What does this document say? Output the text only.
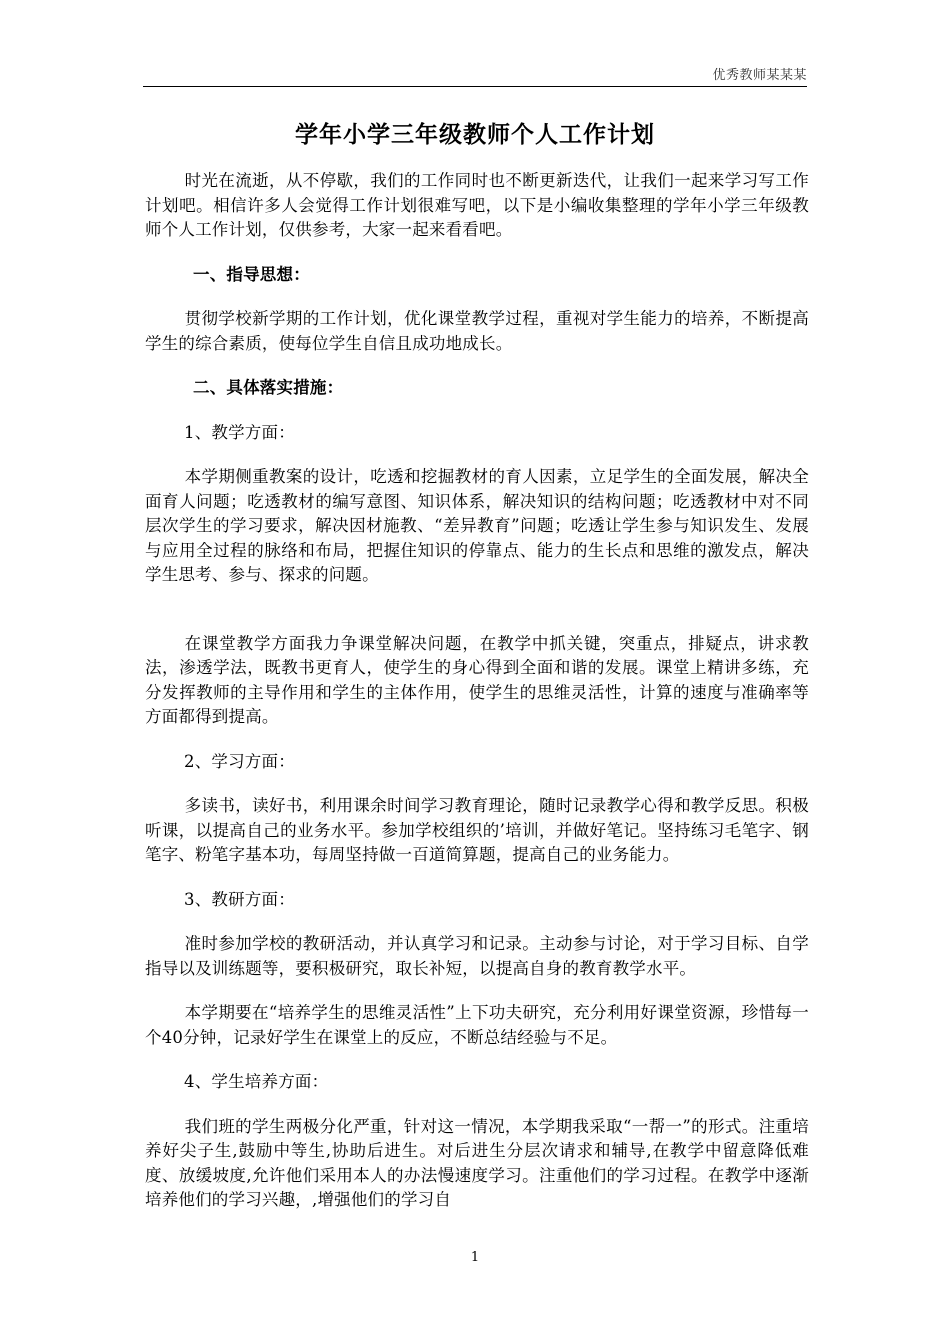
优秀教师某某某
学年小学三年级教师个人工作计划

时光在流逝，从不停歇，我们的工作同时也不断更新迭代，让我们一起来学习写工作计划吧。相信许多人会觉得工作计划很难写吧，以下是小编收集整理的学年小学三年级教师个人工作计划，仅供参考，大家一起来看看吧。

一、指导思想：

贯彻学校新学期的工作计划，优化课堂教学过程，重视对学生能力的培养，不断提高学生的综合素质，使每位学生自信且成功地成长。

二、具体落实措施：

1、教学方面：

本学期侧重教案的设计，吃透和挖掘教材的育人因素，立足学生的全面发展，解决全面育人问题；吃透教材的编写意图、知识体系，解决知识的结构问题；吃透教材中对不同层次学生的学习要求，解决因材施教、“差异教育”问题；吃透让学生参与知识发生、发展与应用全过程的脉络和布局，把握住知识的停靠点、能力的生长点和思维的激发点，解决学生思考、参与、探求的问题。

在课堂教学方面我力争课堂解决问题，在教学中抓关键，突重点，排疑点，讲求教法，渗透学法，既教书更育人，使学生的身心得到全面和谐的发展。课堂上精讲多练，充分发挥教师的主导作用和学生的主体作用，使学生的思维灵活性，计算的速度与准确率等方面都得到提高。

2、学习方面：

多读书，读好书，利用课余时间学习教育理论，随时记录教学心得和教学反思。积极听课，以提高自己的业务水平。参加学校组织的’培训，并做好笔记。坚持练习毛笔字、钢笔字、粉笔字基本功，每周坚持做一百道简算题，提高自己的业务能力。

3、教研方面：

准时参加学校的教研活动，并认真学习和记录。主动参与讨论，对于学习目标、自学指导以及训练题等，要积极研究，取长补短，以提高自身的教育教学水平。

本学期要在“培养学生的思维灵活性”上下功夫研究，充分利用好课堂资源，珍惜每一个40分钟，记录好学生在课堂上的反应，不断总结经验与不足。

4、学生培养方面：

我们班的学生两极分化严重，针对这一情况，本学期我采取“一帮一”的形式。注重培养好尖子生,鼓励中等生,协助后进生。对后进生分层次请求和辅导,在教学中留意降低难度、放缓坡度,允许他们采用本人的办法慢速度学习。注重他们的学习过程。在教学中逐渐培养他们的学习兴趣，,增强他们的学习自

1
